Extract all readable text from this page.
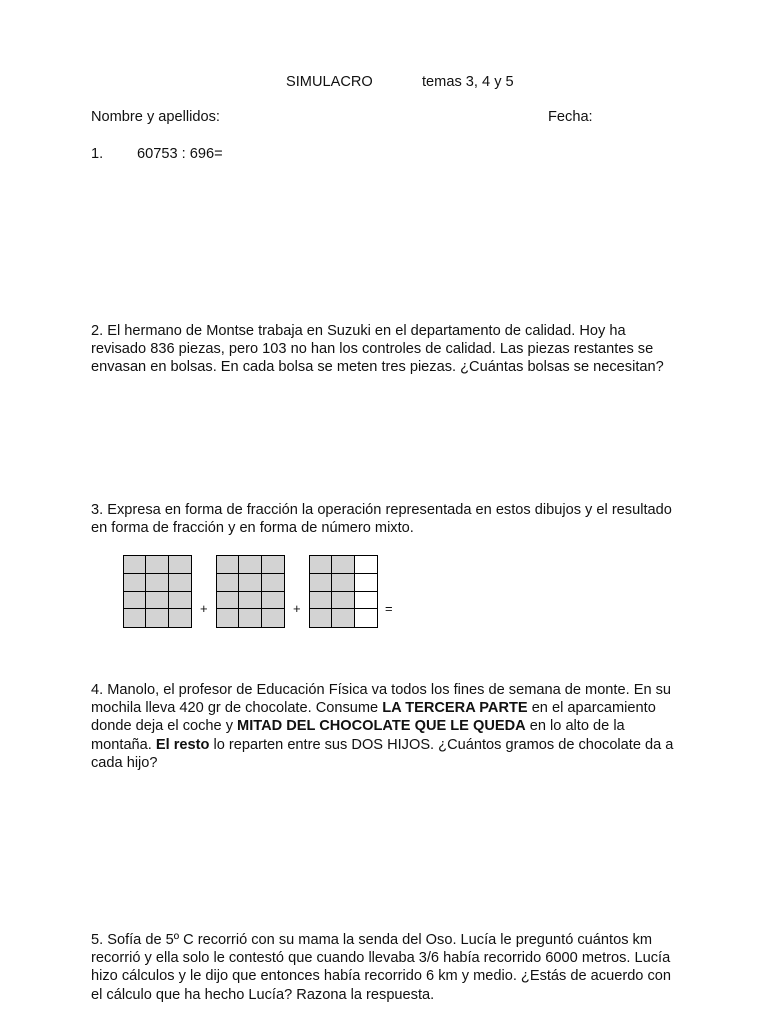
SIMULACRO	temas 3, 4 y 5
Nombre y apellidos:	Fecha:
1. 60753 : 696=
2. El hermano de Montse trabaja en Suzuki en el departamento de calidad. Hoy ha
revisado 836 piezas, pero 103 no han los controles de calidad. Las piezas restantes se
envasan en bolsas. En cada bolsa se meten tres piezas. ¿Cuántas bolsas se necesitan?
3. Expresa en forma de fracción la operación representada en estos dibujos y el resultado
en forma de fracción y en forma de número mixto.
+	+	=
4. Manolo, el profesor de Educación Física va todos los fines de semana de monte. En su
mochila lleva 420 gr de chocolate. Consume LA TERCERA PARTE en el aparcamiento
donde deja el coche y MITAD DEL CHOCOLATE QUE LE QUEDA en lo alto de la
montaña. El resto lo reparten entre sus DOS HIJOS. ¿Cuántos gramos de chocolate da a
cada hijo?
5. Sofía de 5º C recorrió con su mama la senda del Oso. Lucía le preguntó cuántos km
recorrió y ella solo le contestó que cuando llevaba 3/6 había recorrido 6000 metros. Lucía
hizo cálculos y le dijo que entonces había recorrido 6 km y medio. ¿Estás de acuerdo con
el cálculo que ha hecho Lucía? Razona la respuesta.
